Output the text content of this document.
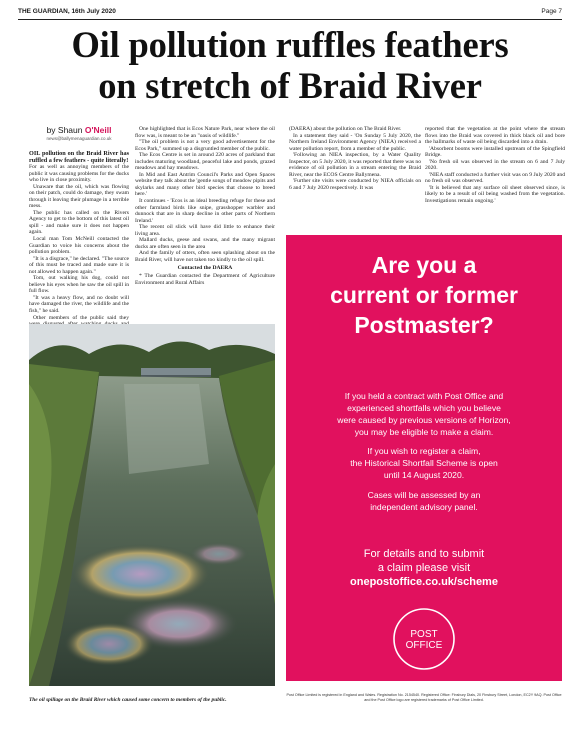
THE GUARDIAN, 16th July 2020	Page 7
Oil pollution ruffles feathers
on stretch of Braid River
by Shaun O'Neill
news@ballymenaguardian.co.uk

OIL pollution on the Braid River has ruffled a few feathers - quite literally!

For as well as annoying members of the public it was causing problems for the ducks who live in close proximity.

Unaware that the oil, which was flowing on their patch, could do damage, they swam through it leaving their plumage in a terrible mess.

The public has called on the Rivers Agency to get to the bottom of this latest oil spill - and make sure it does not happen again.

Local man Tom McNeill contacted the Guardian to voice his concerns about the pollution problem.

"It is a disgrace," he declared. "The source of this must be traced and made sure it is not allowed to happen again."

Tom, out walking his dog, could not believe his eyes when he saw the oil spill in full flow.

"It was a heavy flow, and no doubt will have damaged the river, the wildlife and the fish," he said.

Other members of the public said they

One highlighted that is Ecos Nature Park, near where the oil flow was, is meant to be an "oasis of wildlife."

"The oil problem is not a very good advertisement for the Ecos Park," summed up a disgruntled member of the public.

The Ecos Centre is set in around 220 acres of parkland that includes maturing woodland, peaceful lake and ponds, grazed meadows and hay meadows.

In Mid and East Antrim Council's Parks and Open Spaces website they talk about the 'gentle songs of meadow pipits and skylarks and many other bird species that choose to breed here.'

It continues - 'Ecos is an ideal breeding refuge for these and other farmland birds like snipe, grasshopper warbler and dunnock that are in sharp decline in other parts of Northern Ireland.'

The recent oil slick will have did little to enhance their living area.

Mallard ducks, geese and swans, and the many migrant ducks are often seen in the area

And the family of otters, often seen splashing about on the Braid River, will have not taken too kindly to the oil spill.

Contacted the DAERA

* The Guardian contacted the Department of Agriculture Environment and Rural Affairs

(DAERA) about the pollution on The Braid River.

In a statement they said - 'On Sunday 5 July 2020, the Northern Ireland Environment Agency (NIEA) received a water pollution report, from a member of the public.

'Following an NIEA inspection, by a Water Quality Inspector, on 5 July 2020, it was reported that there was no evidence of oil pollution in a stream entering the Braid River, near the ECOS Centre Ballymena.

'Further site visits were conducted by NIEA officials on 6 and 7 July 2020 respectively. It was

reported that the vegetation at the point where the stream flows into the Braid was covered in thick black oil and bore the hallmarks of waste oil being discarded into a drain.

'Absorbent booms were installed upstream of the Spingfield Bridge.

'No fresh oil was observed in the stream on 6 and 7 July 2020.

'NIEA staff conducted a further visit was on 9 July 2020 and no fresh oil was observed.

'It is believed that any surface oil sheet observed since, is likely to be a result of oil being washed from the vegetation. Investigations remain ongoing.'

The oil spillage on the Braid River which caused some concern to members of the public.
Are you a
current or former
Postmaster?
If you held a contract with Post Office and
experienced shortfalls which you believe
were caused by previous versions of Horizon,
you may be eligible to make a claim.
If you wish to register a claim,
the Historical Shortfall Scheme is open
until 14 August 2020.
Cases will be assessed by an
independent advisory panel.
For details and to submit
a claim please visit
onepostoffice.co.uk/scheme
POST
OFFICE
Post Office Limited is registered in England and Wales. Registration No. 2154540. Registered Office: Finsbury Dials, 20 Finsbury Street, London, EC2Y 9AQ. Post Office and the Post Office logo are registered trademarks of Post Office Limited.
